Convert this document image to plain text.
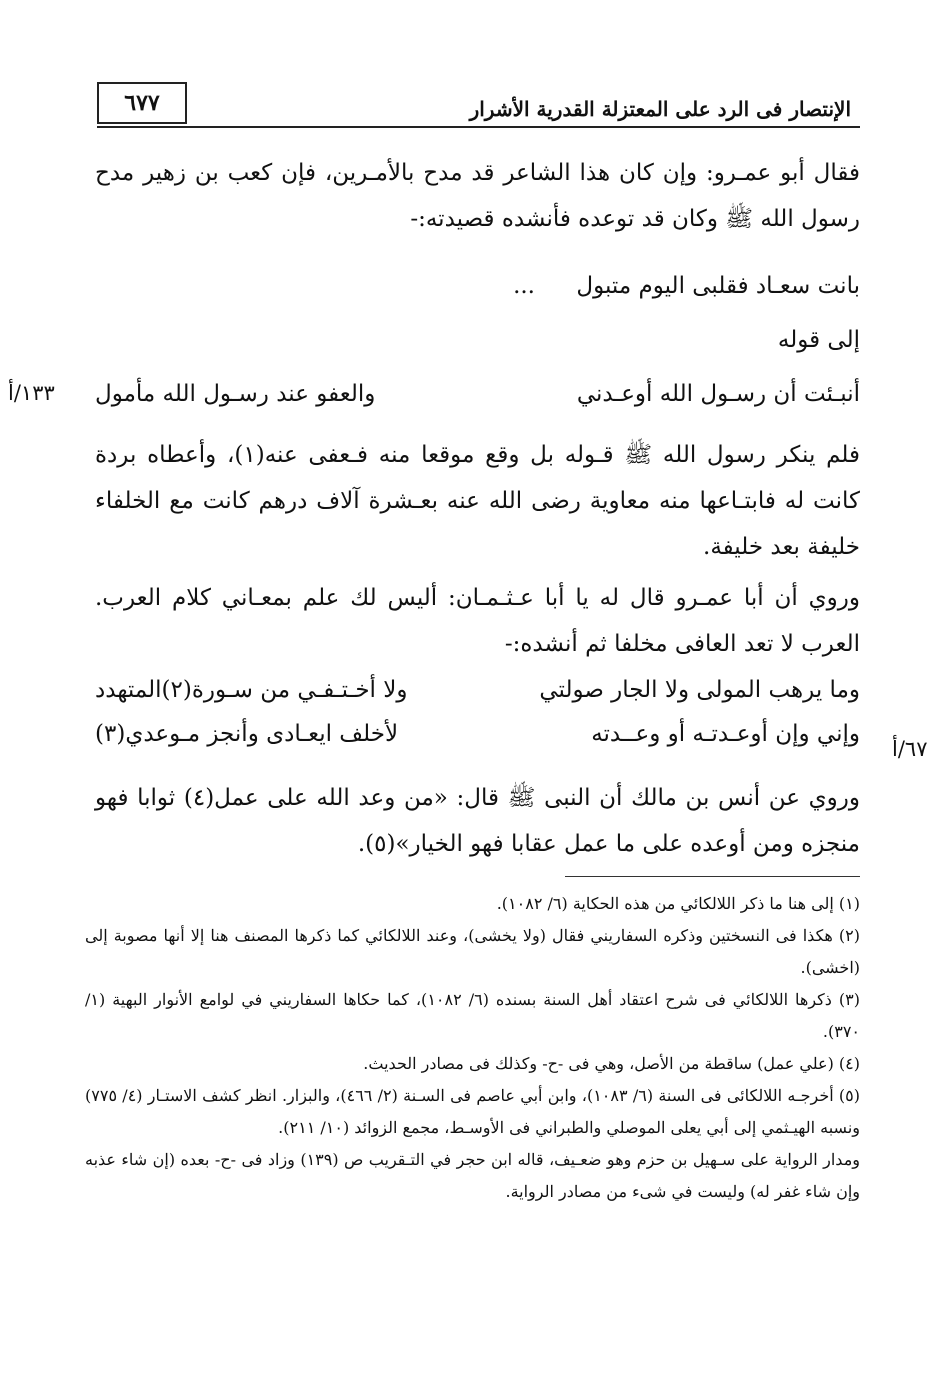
الإنتصار فى الرد على المعتزلة القدرية الأشرار
٦٧٧
فقال أبو عمـرو: وإن كان هذا الشاعر قد مدح بالأمـرين، فإن كعب بن زهير مدح رسول الله ﷺ وكان قد توعده فأنشده قصيدته:-
بانت سعـاد فقلبى اليوم متبول
...
إلى قوله
أنبـئت أن رسـول الله أوعـدني
والعفو عند رسـول الله مأمول
١٣٣/أ
فلم ينكر رسول الله ﷺ قـوله بل وقع موقعا منه فـعفى عنه(١)، وأعطاه بردة كانت له فابتـاعها منه معاوية رضى الله عنه بعـشرة آلاف درهم كانت مع الخلفاء خليفة بعد خليفة.
وروي أن أبا عمـرو قال له يا أبا عـثـمـان: أليس لك علم بمعـاني كلام العرب. العرب لا تعد العافى مخلفا ثم أنشده:-
وما يرهب المولى ولا الجار صولتي
ولا أخـتـفـي من سـورة(٢)المتهدد
وإني وإن أوعـدتـه أو وعــدته
لأخلف ايعـادى وأنجز مـوعدي(٣)
٦٧/أ
وروي عن أنس بن مالك أن النبى ﷺ قال: «من وعد الله على عمل(٤) ثوابا فهو منجزه ومن أوعده على ما عمل عقابا فهو الخيار»(٥).

(١) إلى هنا ما ذكر اللالكائي من هذه الحكاية (٦/ ١٠٨٢).

(٢) هكذا فى النسختين وذكره السفاريني فقال (ولا يخشى)، وعند اللالكائي كما ذكرها المصنف هنا إلا أنها مصوبة إلى (اخشى).

(٣) ذكرها اللالكائي فى شرح اعتقاد أهل السنة بسنده (٦/ ١٠٨٢)، كما حكاها السفاريني في لوامع الأنوار البهية (١/ ٣٧٠).

(٤) (علي عمل) ساقطة من الأصل، وهي فى -ح- وكذلك فى مصادر الحديث.

(٥) أخرجـه اللالكائى فى السنة (٦/ ١٠٨٣)، وابن أبي عاصم فى السـنة (٢/ ٤٦٦)، والبزار. انظر كشف الاستـار (٤/ ٧٧٥) ونسبه الهيـثمي إلى أبي يعلى الموصلي والطبراني فى الأوسـط، مجمع الزوائد (١٠/ ٢١١).

ومدار الرواية على سـهيل بن حزم وهو ضعـيف، قاله ابن حجر في التـقريب ص (١٣٩) وزاد فى -ح- بعده (إن شاء عذبه وإن شاء غفر له) وليست في شىء من مصادر الرواية.
